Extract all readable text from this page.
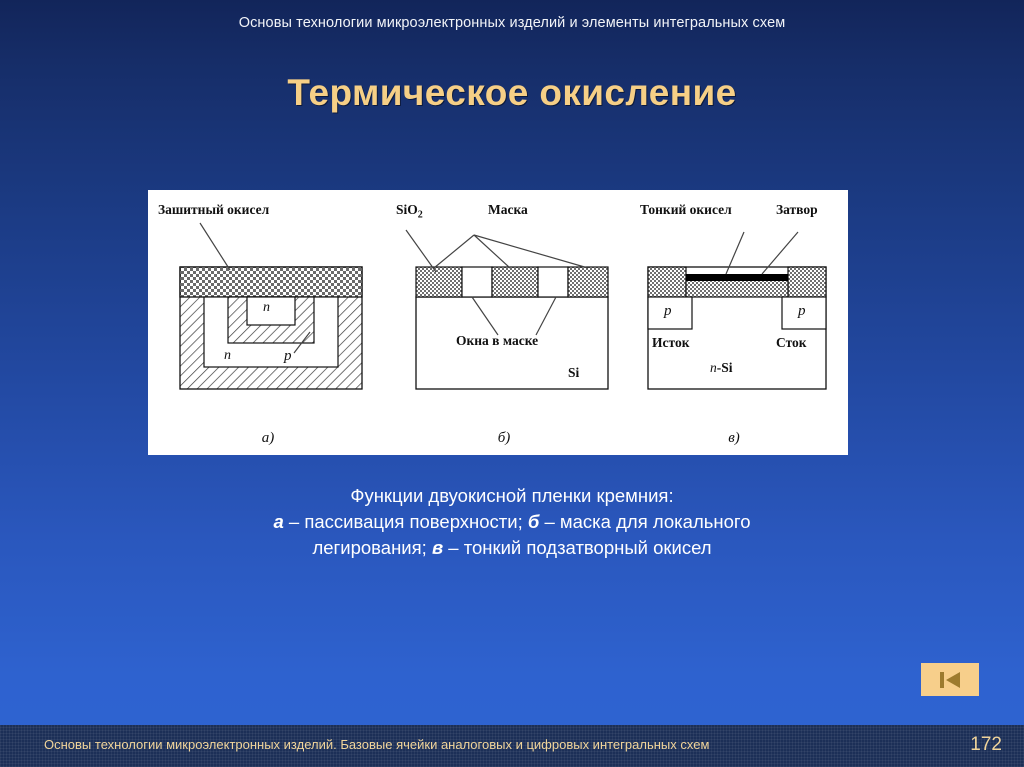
Основы технологии микроэлектронных изделий и элементы интегральных схем
Термическое окисление
Зашитный окисел
n
n	p
SiO$_2$	Маска
Окна в маске
Si
Тонкий окисел	Затвор
p	p
Исток	Сток
n-Si
а)	б)	в)
Функции двуокисной пленки кремния:
а – пассивация поверхности; б – маска для локального
легирования; в – тонкий подзатворный окисел
Основы технологии микроэлектронных изделий. Базовые ячейки аналоговых и цифровых интегральных схем	172
